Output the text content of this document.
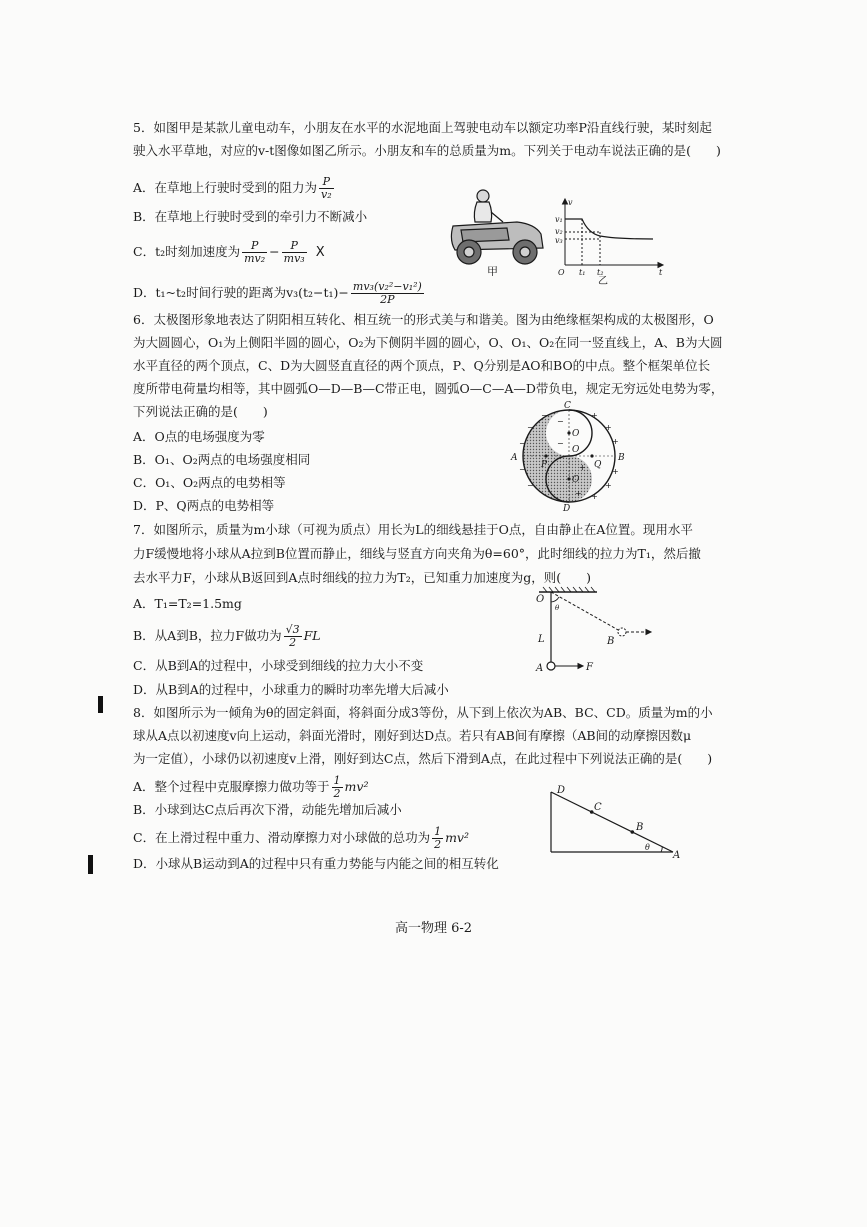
5．如图甲是某款儿童电动车，小朋友在水平的水泥地面上驾驶电动车以额定功率P沿直线行驶，某时刻起
驶入水平草地，对应的v-t图像如图乙所示。小朋友和车的总质量为m。下列关于电动车说法正确的是(　　)
A．在草地上行驶时受到的阻力为 $\frac{P}{\text{v₂}}$
B．在草地上行驶时受到的牵引力不断减小
C．t₂时刻加速度为 $\frac{P}{\text{mv₂}} - \frac{P}{\text{mv₃}}$ X
D．t₁~t₂时间行驶的距离为$v_3(t_2-t_1)- \frac{\text{mv₃(v₂²−v₁²)}}{2P}$
甲
v
v₁
v₂
v₃
O t₁ t₂	t
乙
6．太极图形象地表达了阴阳相互转化、相互统一的形式美与和谐美。图为由绝缘框架构成的太极图形，O
为大圆圆心，O₁为上侧阳半圆的圆心，O₂为下侧阴半圆的圆心，O、O₁、O₂在同一竖直线上，A、B为大圆
水平直径的两个顶点，C、D为大圆竖直直径的两个顶点，P、Q分别是AO和BO的中点。整个框架单位长
度所带电荷量均相等，其中圆弧O—D—B—C带正电，圆弧O—C—A—D带负电，规定无穷远处电势为零，
下列说法正确的是(　　)
A．O点的电场强度为零
B．O₁、O₂两点的电场强度相同
C．O₁、O₂两点的电势相等
D．P、Q两点的电势相等
C
D
A	B
O
O
O
P	Q
+
+
+
+
+
+
+
+
−
−
−
−
−
−
−
7．如图所示，质量为m小球（可视为质点）用长为L的细线悬挂于O点，自由静止在A位置。现用水平
力F缓慢地将小球从A拉到B位置而静止，细线与竖直方向夹角为θ=60°，此时细线的拉力为T₁，然后撤
去水平力F，小球从B返回到A点时细线的拉力为T₂，已知重力加速度为g，则(　　)
A．T₁=T₂=1.5mg
B．从A到B，拉力F做功为 $\frac{√3}{2}$ FL
C．从B到A的过程中，小球受到细线的拉力大小不变
D．从B到A的过程中，小球重力的瞬时功率先增大后减小
O
L
A
B
F
θ
8．如图所示为一倾角为θ的固定斜面，将斜面分成3等份，从下到上依次为AB、BC、CD。质量为m的小
球从A点以初速度v向上运动，斜面光滑时，刚好到达D点。若只有AB间有摩擦（AB间的动摩擦因数μ
为一定值），小球仍以初速度v上滑，刚好到达C点，然后下滑到A点，在此过程中下列说法正确的是(　　)
A．整个过程中克服摩擦力做功等于 $\frac{1}{2} mv^2$
B．小球到达C点后再次下滑，动能先增加后减小
C．在上滑过程中重力、滑动摩擦力对小球做的总功为 $\frac{1}{2} mv^2$
D．小球从B运动到A的过程中只有重力势能与内能之间的相互转化
D
C
B
A
θ
高一物理 6-2
